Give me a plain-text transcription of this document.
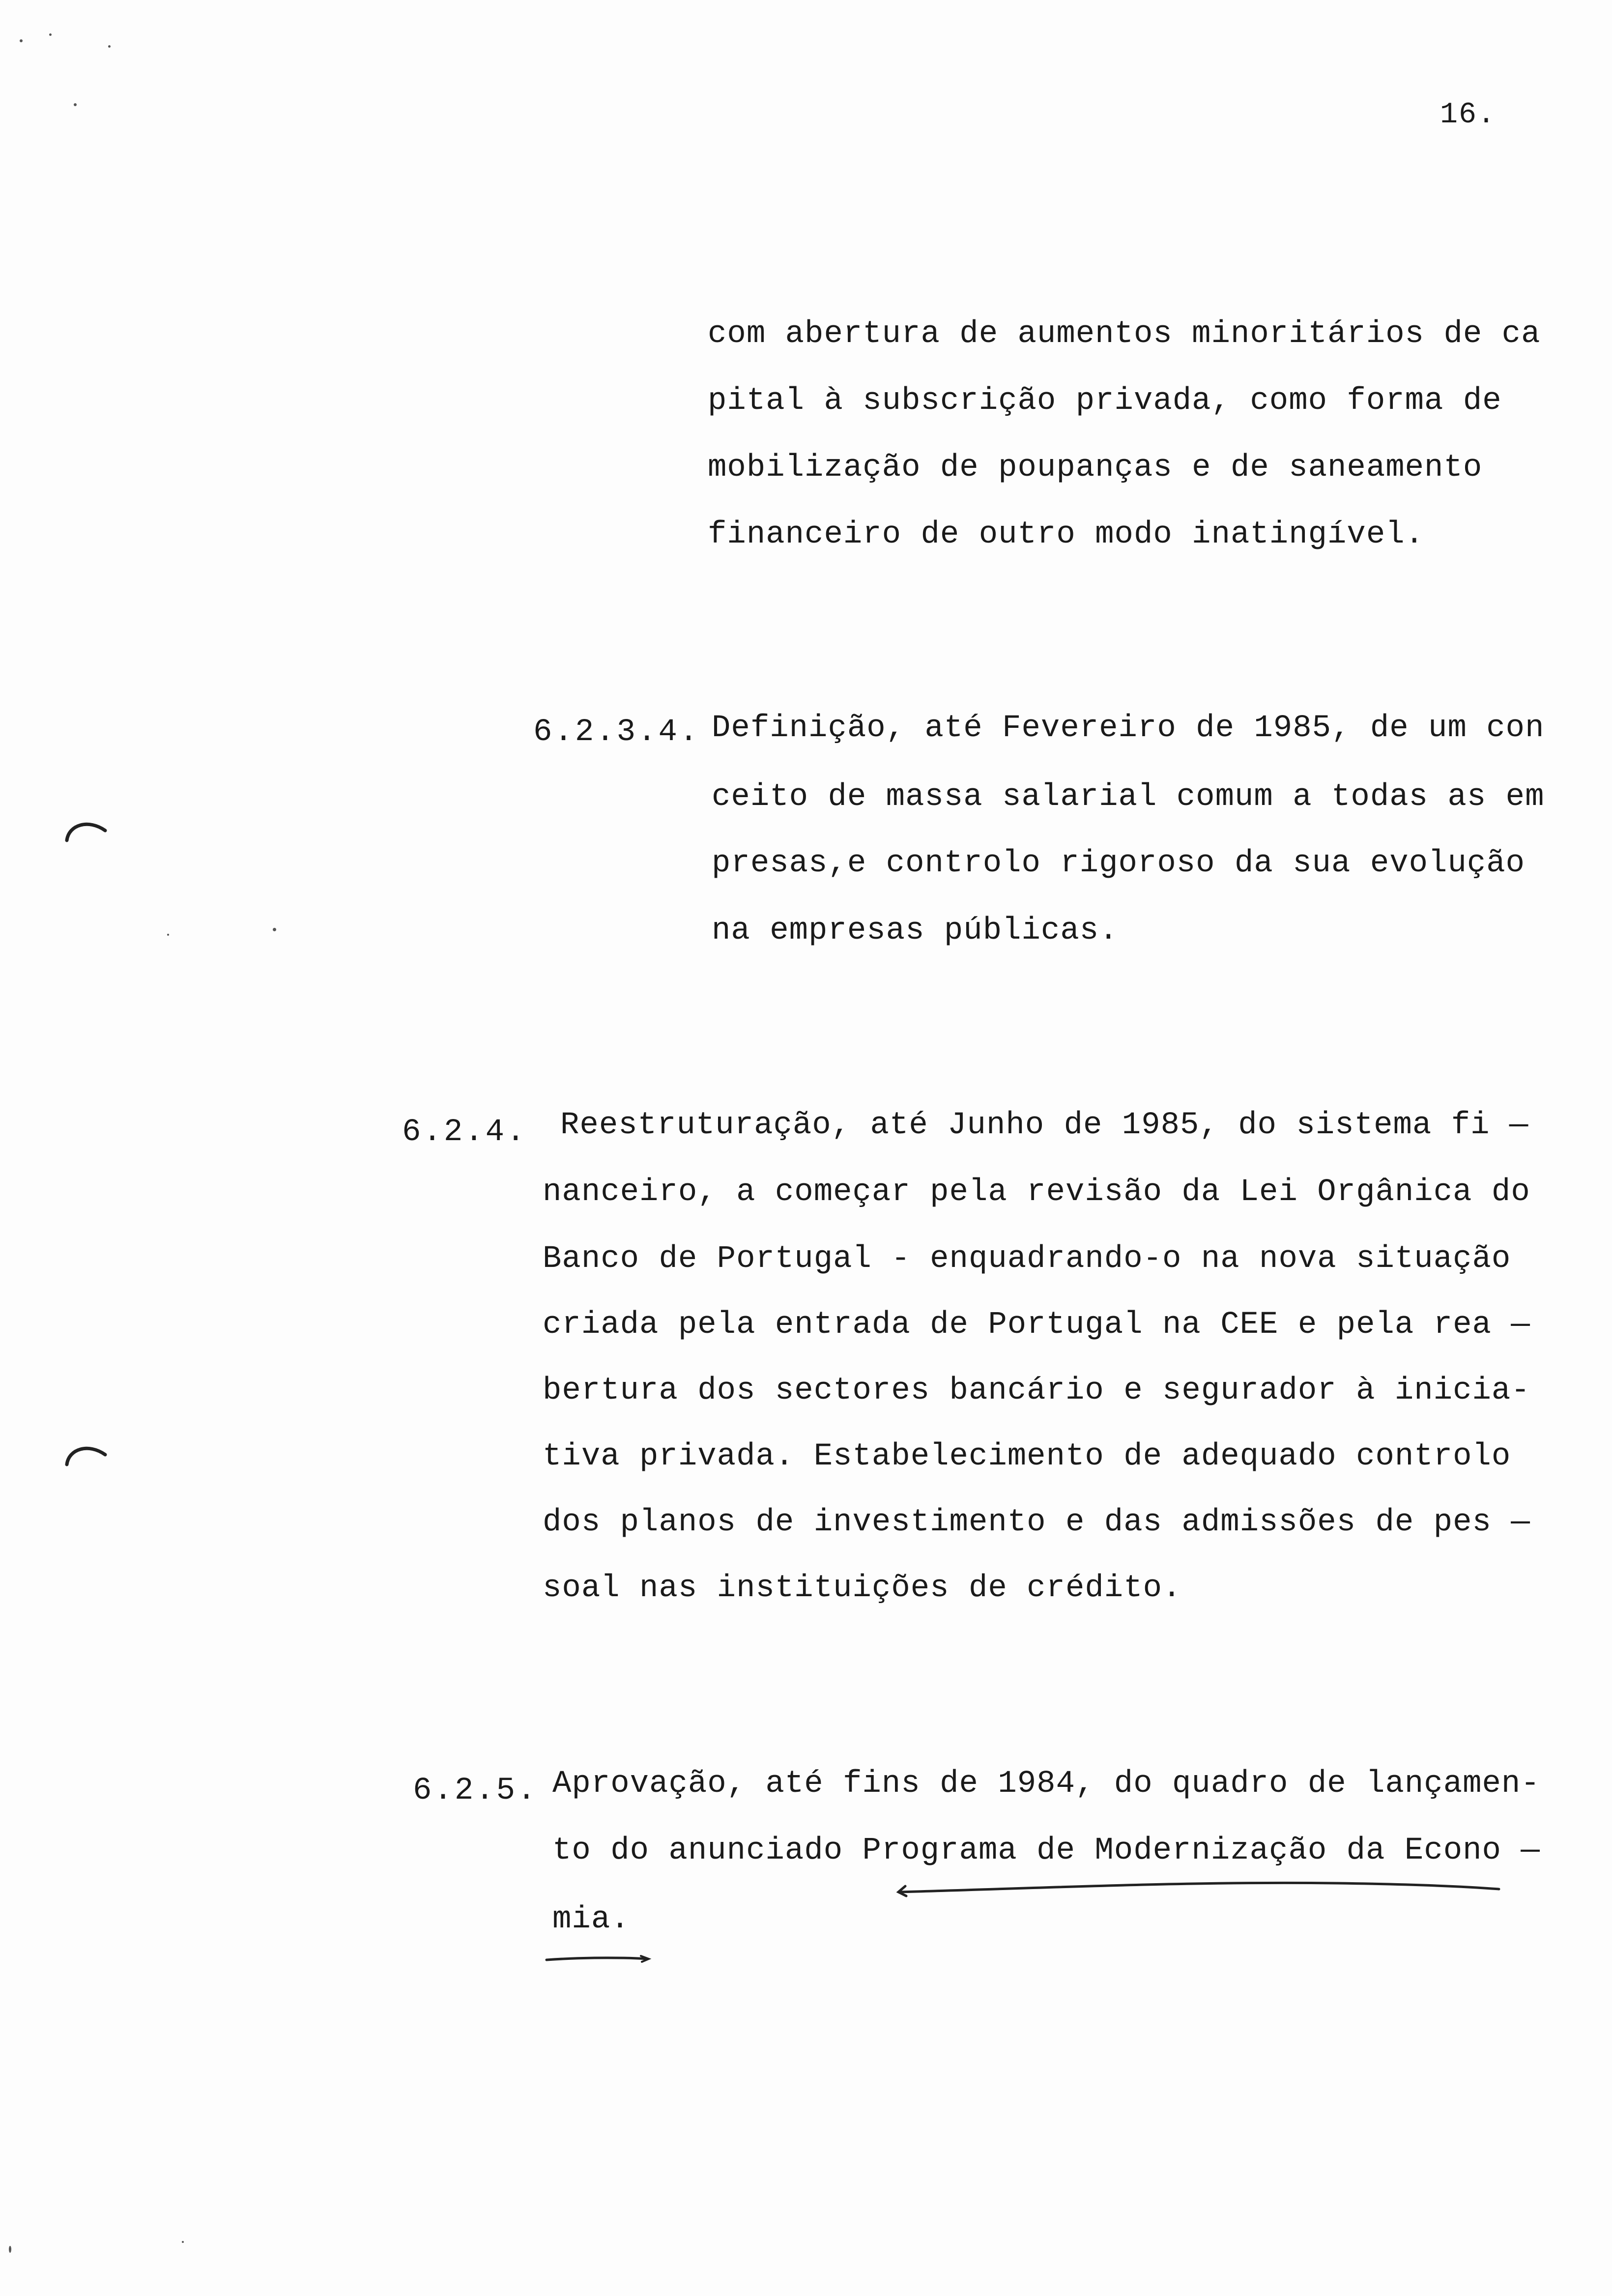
16.
com abertura de aumentos minoritários de ca
pital à subscrição privada, como forma de
mobilização de poupanças e de saneamento
financeiro de outro modo inatingível.
6.2.3.4. Definição, até Fevereiro de 1985, de um con
ceito de massa salarial comum a todas as em
presas,e controlo rigoroso da sua evolução
na empresas públicas.
6.2.4. Reestruturação, até Junho de 1985, do sistema fi —
nanceiro, a começar pela revisão da Lei Orgânica do
Banco de Portugal - enquadrando-o na nova situação
criada pela entrada de Portugal na CEE e pela rea —
bertura dos sectores bancário e segurador à inicia-
tiva privada. Estabelecimento de adequado controlo
dos planos de investimento e das admissões de pes —
soal nas instituições de crédito.
6.2.5. Aprovação, até fins de 1984, do quadro de lançamen-
to do anunciado Programa de Modernização da Econo —
mia.
